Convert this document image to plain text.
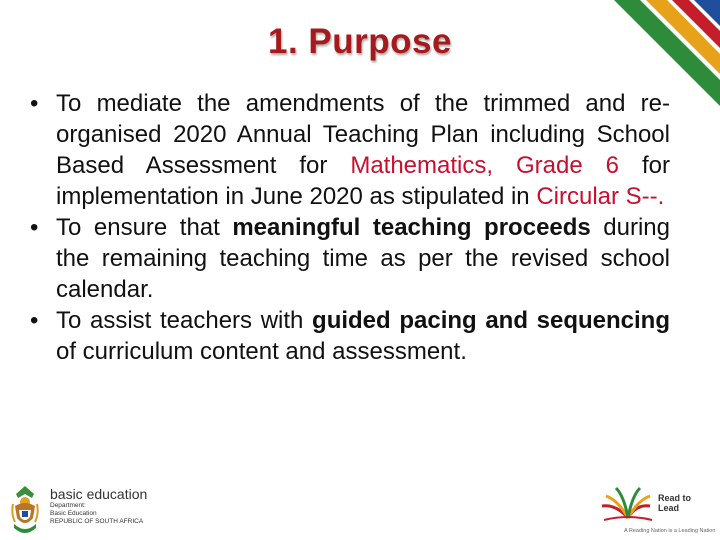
1. Purpose
• To mediate the amendments of the trimmed and re-organised 2020 Annual Teaching Plan including School Based Assessment for Mathematics, Grade 6 for implementation in June 2020 as stipulated in Circular S--.
• To ensure that meaningful teaching proceeds during the remaining teaching time as per the revised school calendar.
• To assist teachers with guided pacing and sequencing of curriculum content and assessment.
basic education
Department:
Basic Education
REPUBLIC OF SOUTH AFRICA
Read to Lead
A Reading Nation is a Leading Nation
